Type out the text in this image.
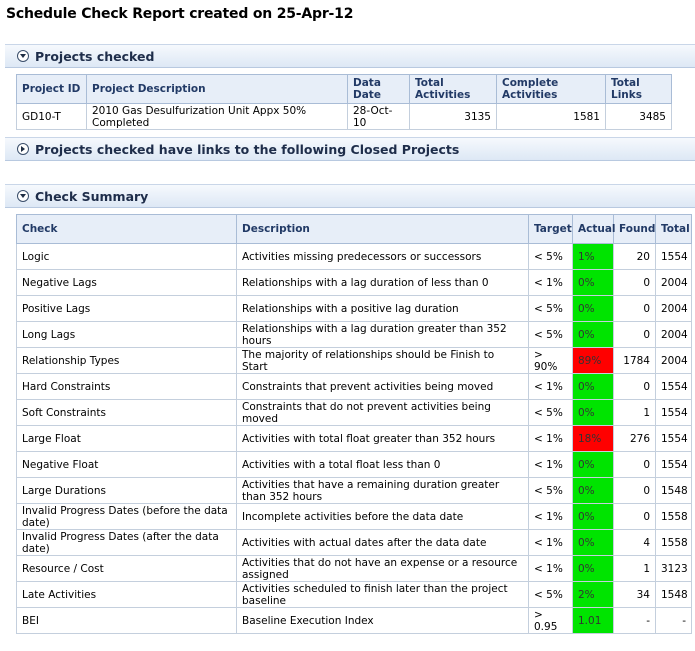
Schedule Check Report created on 25-Apr-12
Projects checked
Project ID	Project Description	Data Date	Total Activities	Complete Activities	Total Links
GD10-T	2010 Gas Desulfurization Unit Appx 50% Completed	28-Oct-10	3135	1581	3485
Projects checked have links to the following Closed Projects
Check Summary
Check	Description	Target	Actual	Found	Total
Logic	Activities missing predecessors or successors	< 5%	1%	20	1554
Negative Lags	Relationships with a lag duration of less than 0	< 1%	0%	0	2004
Positive Lags	Relationships with a positive lag duration	< 5%	0%	0	2004
Long Lags	Relationships with a lag duration greater than 352 hours	< 5%	0%	0	2004
Relationship Types	The majority of relationships should be Finish to Start	> 90%	89%	1784	2004
Hard Constraints	Constraints that prevent activities being moved	< 1%	0%	0	1554
Soft Constraints	Constraints that do not prevent activities being moved	< 5%	0%	1	1554
Large Float	Activities with total float greater than 352 hours	< 1%	18%	276	1554
Negative Float	Activities with a total float less than 0	< 1%	0%	0	1554
Large Durations	Activities that have a remaining duration greater than 352 hours	< 5%	0%	0	1548
Invalid Progress Dates (before the data date)	Incomplete activities before the data date	< 1%	0%	0	1558
Invalid Progress Dates (after the data date)	Activities with actual dates after the data date	< 1%	0%	4	1558
Resource / Cost	Activities that do not have an expense or a resource assigned	< 1%	0%	1	3123
Late Activities	Activities scheduled to finish later than the project baseline	< 5%	2%	34	1548
BEI	Baseline Execution Index	> 0.95	1.01	-	-
